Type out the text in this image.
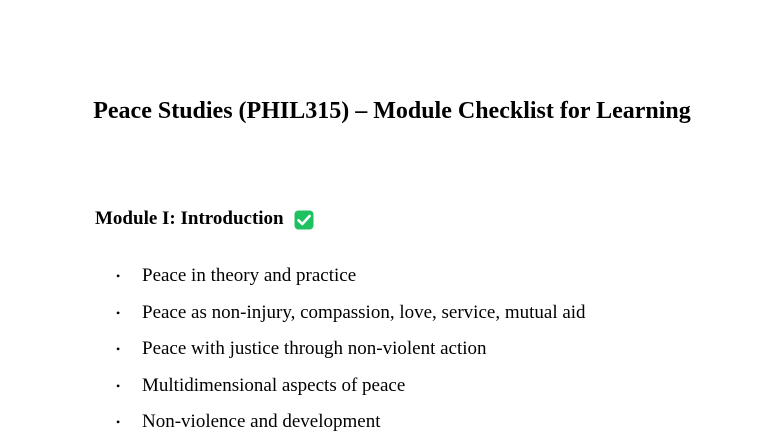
Peace Studies (PHIL315) – Module Checklist for Learning
Module I: Introduction
• Peace in theory and practice
• Peace as non-injury, compassion, love, service, mutual aid
• Peace with justice through non-violent action
• Multidimensional aspects of peace
• Non-violence and development
